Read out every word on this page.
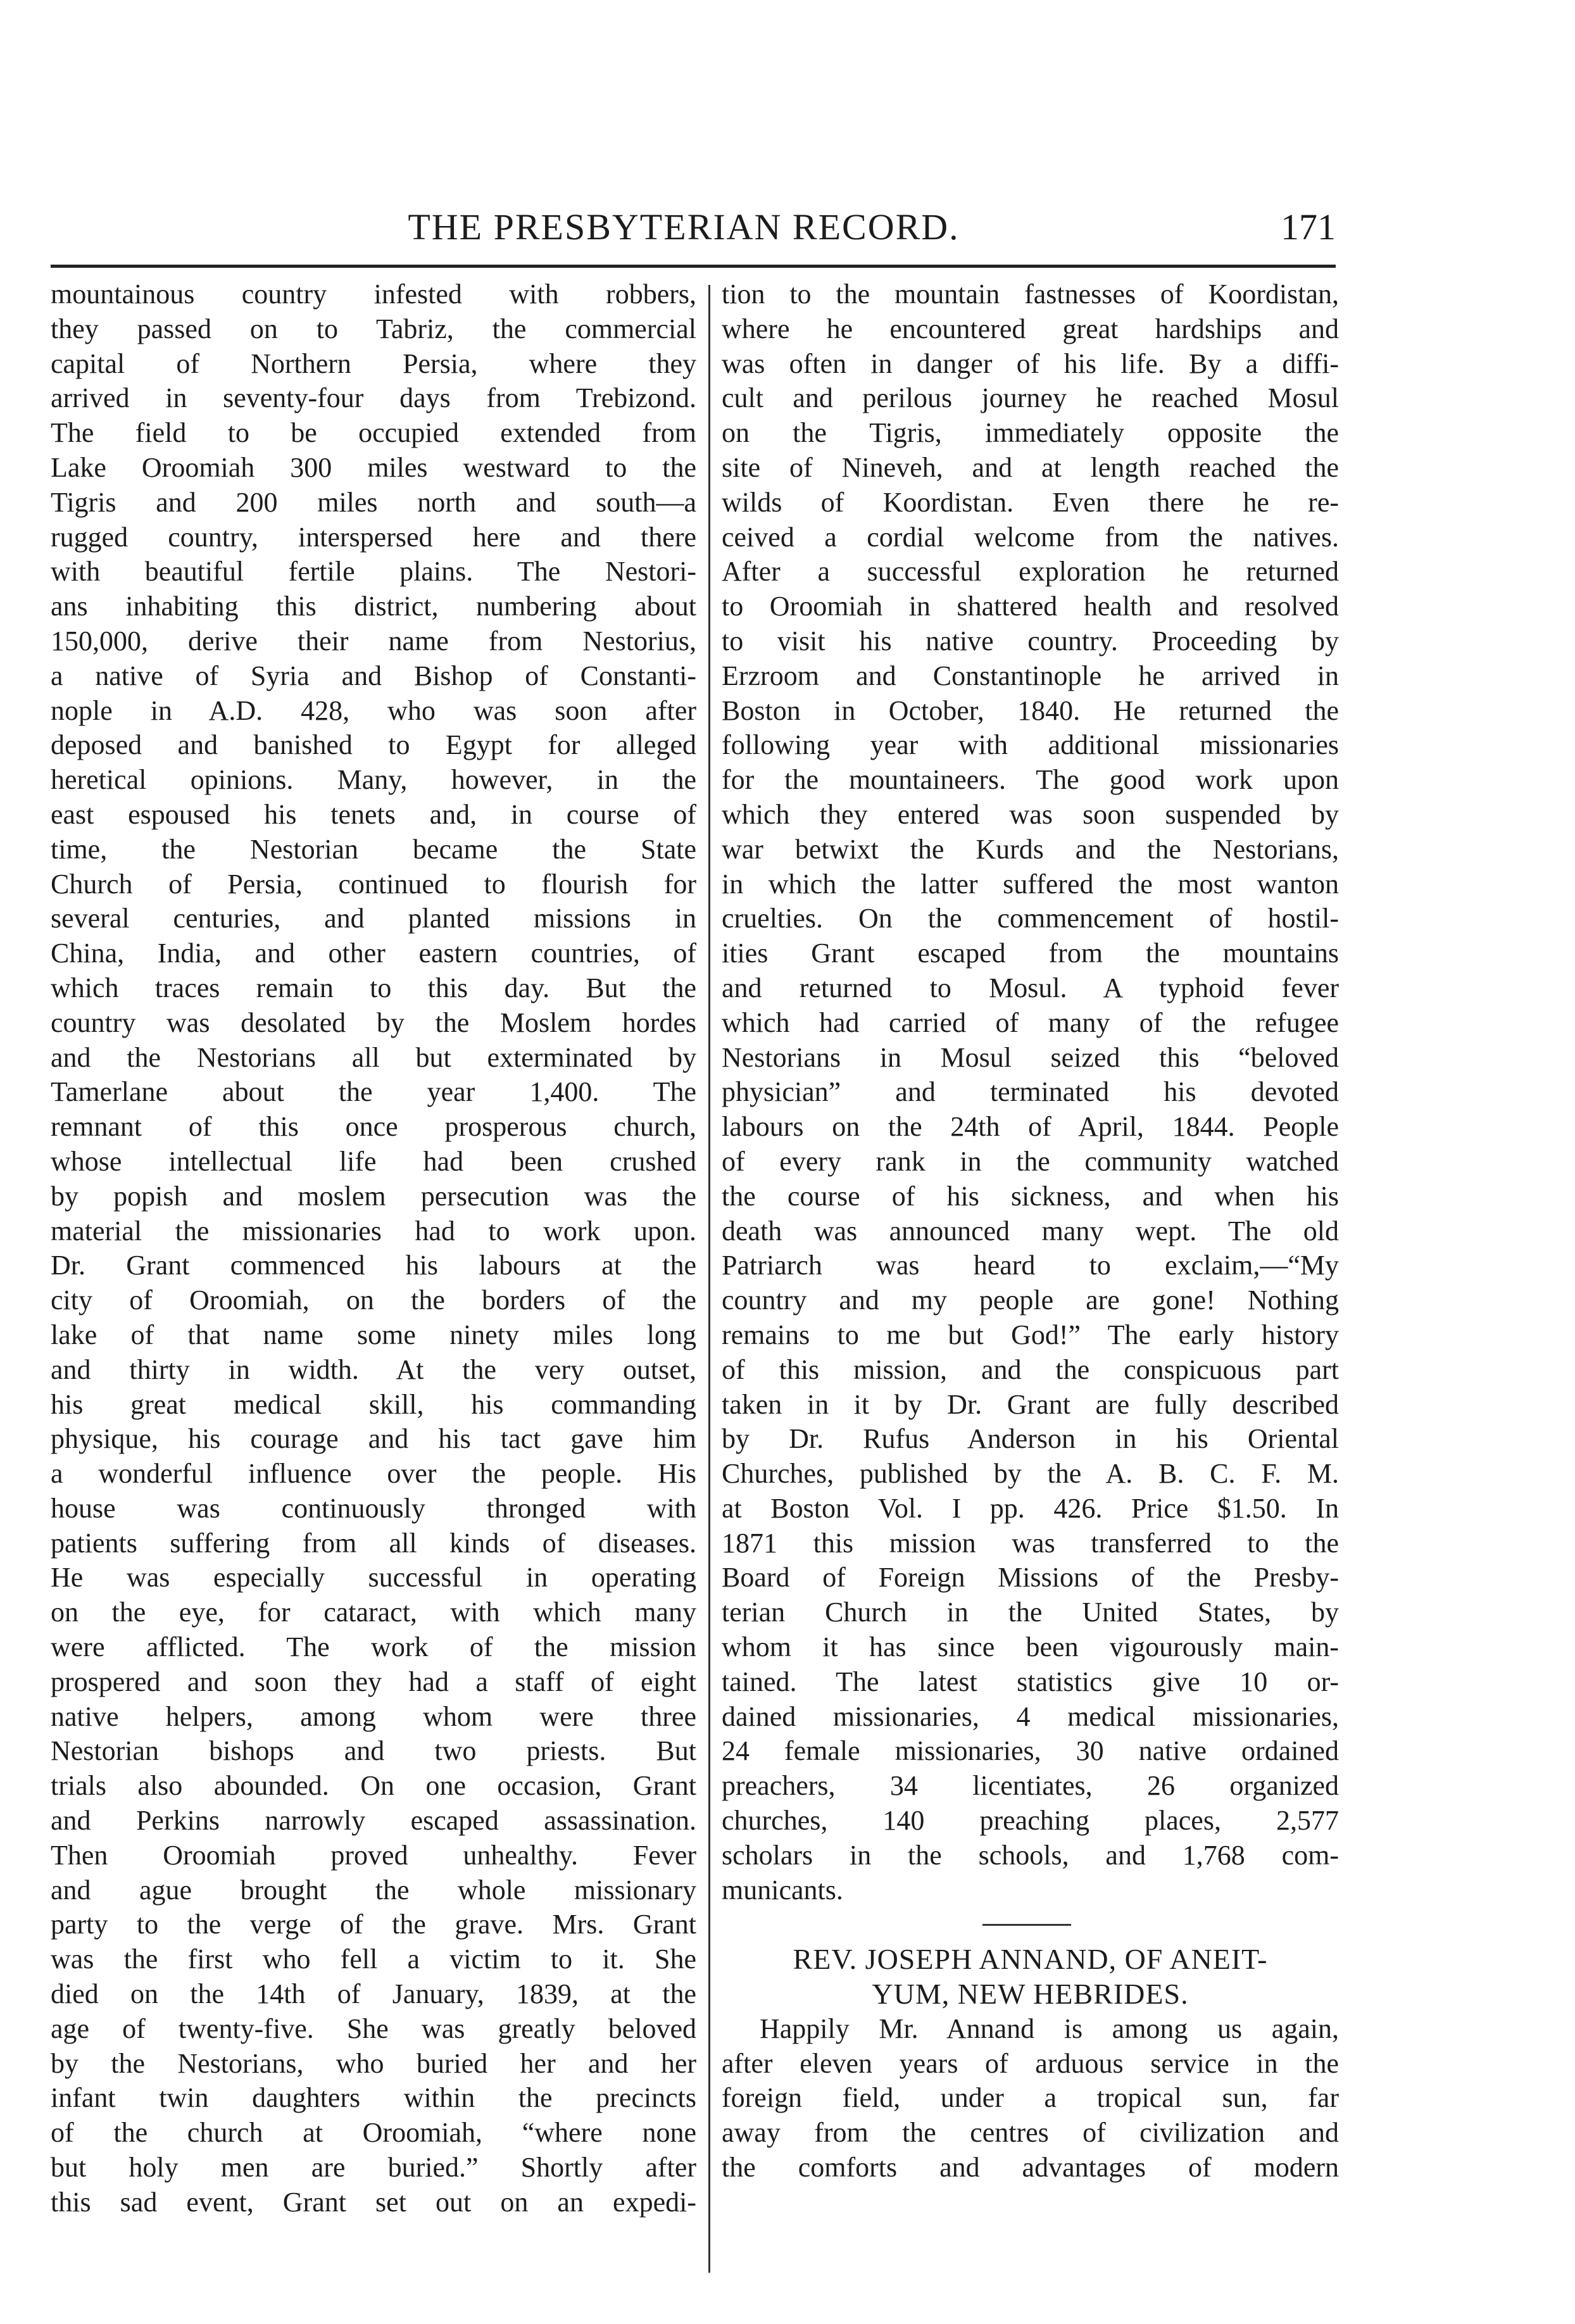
THE PRESBYTERIAN RECORD.	171
mountainous country infested with robbers,
they passed on to Tabriz, the commercial
capital of Northern Persia, where they
arrived in seventy-four days from Trebizond.
The field to be occupied extended from
Lake Oroomiah 300 miles westward to the
Tigris and 200 miles north and south—a
rugged country, interspersed here and there
with beautiful fertile plains. The Nestori-
ans inhabiting this district, numbering about
150,000, derive their name from Nestorius,
a native of Syria and Bishop of Constanti-
nople in A.D. 428, who was soon after
deposed and banished to Egypt for alleged
heretical opinions. Many, however, in the
east espoused his tenets and, in course of
time, the Nestorian became the State
Church of Persia, continued to flourish for
several centuries, and planted missions in
China, India, and other eastern countries, of
which traces remain to this day. But the
country was desolated by the Moslem hordes
and the Nestorians all but exterminated by
Tamerlane about the year 1,400. The
remnant of this once prosperous church,
whose intellectual life had been crushed
by popish and moslem persecution was the
material the missionaries had to work upon.
Dr. Grant commenced his labours at the
city of Oroomiah, on the borders of the
lake of that name some ninety miles long
and thirty in width. At the very outset,
his great medical skill, his commanding
physique, his courage and his tact gave him
a wonderful influence over the people. His
house was continuously thronged with
patients suffering from all kinds of diseases.
He was especially successful in operating
on the eye, for cataract, with which many
were afflicted. The work of the mission
prospered and soon they had a staff of eight
native helpers, among whom were three
Nestorian bishops and two priests. But
trials also abounded. On one occasion, Grant
and Perkins narrowly escaped assassination.
Then Oroomiah proved unhealthy. Fever
and ague brought the whole missionary
party to the verge of the grave. Mrs. Grant
was the first who fell a victim to it. She
died on the 14th of January, 1839, at the
age of twenty-five. She was greatly beloved
by the Nestorians, who buried her and her
infant twin daughters within the precincts
of the church at Oroomiah, “where none
but holy men are buried.” Shortly after
this sad event, Grant set out on an expedi-
tion to the mountain fastnesses of Koordistan,
where he encountered great hardships and
was often in danger of his life. By a diffi-
cult and perilous journey he reached Mosul
on the Tigris, immediately opposite the
site of Nineveh, and at length reached the
wilds of Koordistan. Even there he re-
ceived a cordial welcome from the natives.
After a successful exploration he returned
to Oroomiah in shattered health and resolved
to visit his native country. Proceeding by
Erzroom and Constantinople he arrived in
Boston in October, 1840. He returned the
following year with additional missionaries
for the mountaineers. The good work upon
which they entered was soon suspended by
war betwixt the Kurds and the Nestorians,
in which the latter suffered the most wanton
cruelties. On the commencement of hostil-
ities Grant escaped from the mountains
and returned to Mosul. A typhoid fever
which had carried of many of the refugee
Nestorians in Mosul seized this “beloved
physician” and terminated his devoted
labours on the 24th of April, 1844. People
of every rank in the community watched
the course of his sickness, and when his
death was announced many wept. The old
Patriarch was heard to exclaim,—“My
country and my people are gone! Nothing
remains to me but God!” The early history
of this mission, and the conspicuous part
taken in it by Dr. Grant are fully described
by Dr. Rufus Anderson in his Oriental
Churches, published by the A. B. C. F. M.
at Boston Vol. I pp. 426. Price $1.50. In
1871 this mission was transferred to the
Board of Foreign Missions of the Presby-
terian Church in the United States, by
whom it has since been vigourously main-
tained. The latest statistics give 10 or-
dained missionaries, 4 medical missionaries,
24 female missionaries, 30 native ordained
preachers, 34 licentiates, 26 organized
churches, 140 preaching places, 2,577
scholars in the schools, and 1,768 com-
municants.
REV. JOSEPH ANNAND, OF ANEIT-
YUM, NEW HEBRIDES.
Happily Mr. Annand is among us again,
after eleven years of arduous service in the
foreign field, under a tropical sun, far
away from the centres of civilization and
the comforts and advantages of modern
